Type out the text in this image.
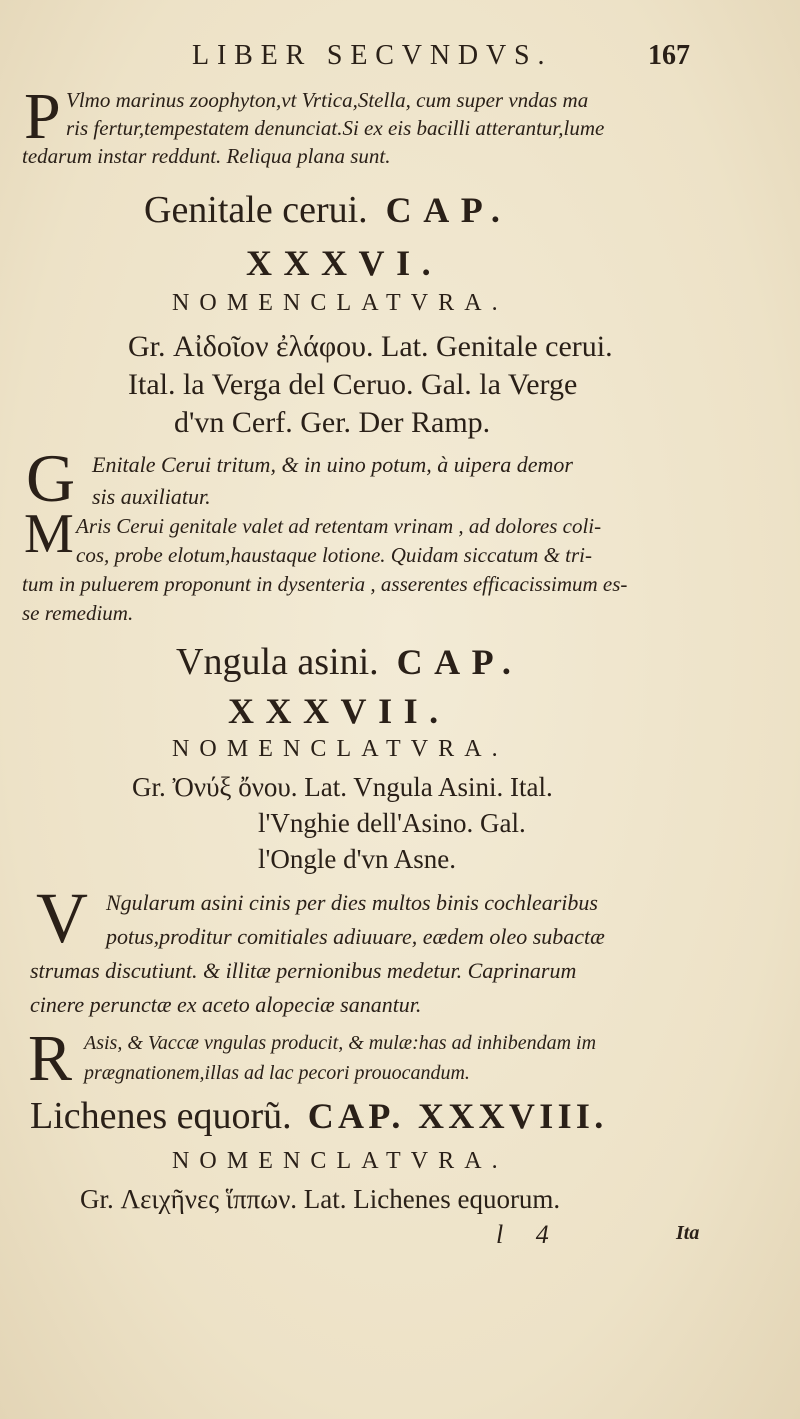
LIBER SECVNDVS.	167
P Vlmo marinus zoophyton,vt Vrtica,Stella, cum super vndas ma
ris fertur,tempestatem denunciat.Si ex eis bacilli atterantur,lume
tedarum instar reddunt. Reliqua plana sunt.
Genitale cerui. CAP.
XXXVI.
NOMENCLATVRA.
Gr. Αἰδοῖον ἐλάφου. Lat. Genitale cerui.
Ital. la Verga del Ceruo. Gal. la Verge
d'vn Cerf. Ger. Der Ramp.
G Enitale Cerui tritum, & in uino potum, à uipera demor
sis auxiliatur.
M Aris Cerui genitale valet ad retentam vrinam , ad dolores coli-
cos, probe elotum,haustaque lotione. Quidam siccatum & tri-
tum in puluerem proponunt in dysenteria , asserentes efficacissimum es-
se remedium.
Vngula asini. CAP.
XXXVII.
NOMENCLATVRA.
Gr. Ὀνύξ ὄνου. Lat. Vngula Asini. Ital.
l'Vnghie dell'Asino. Gal.
l'Ongle d'vn Asne.
V Ngularum asini cinis per dies multos binis cochlearibus
potus,proditur comitiales adiuuare, eædem oleo subactæ
strumas discutiunt. & illitæ pernionibus medetur. Caprinarum
cinere perunctæ ex aceto alopeciæ sanantur.
R Asis, & Vaccæ vngulas producit, & mulæ:has ad inhibendam im
prægnationem,illas ad lac pecori prouocandum.
Lichenes equorũ. CAP. XXXVIII.
NOMENCLATVRA.
Gr. Λειχῆνες ἵππων. Lat. Lichenes equorum.
l 4	Ita
